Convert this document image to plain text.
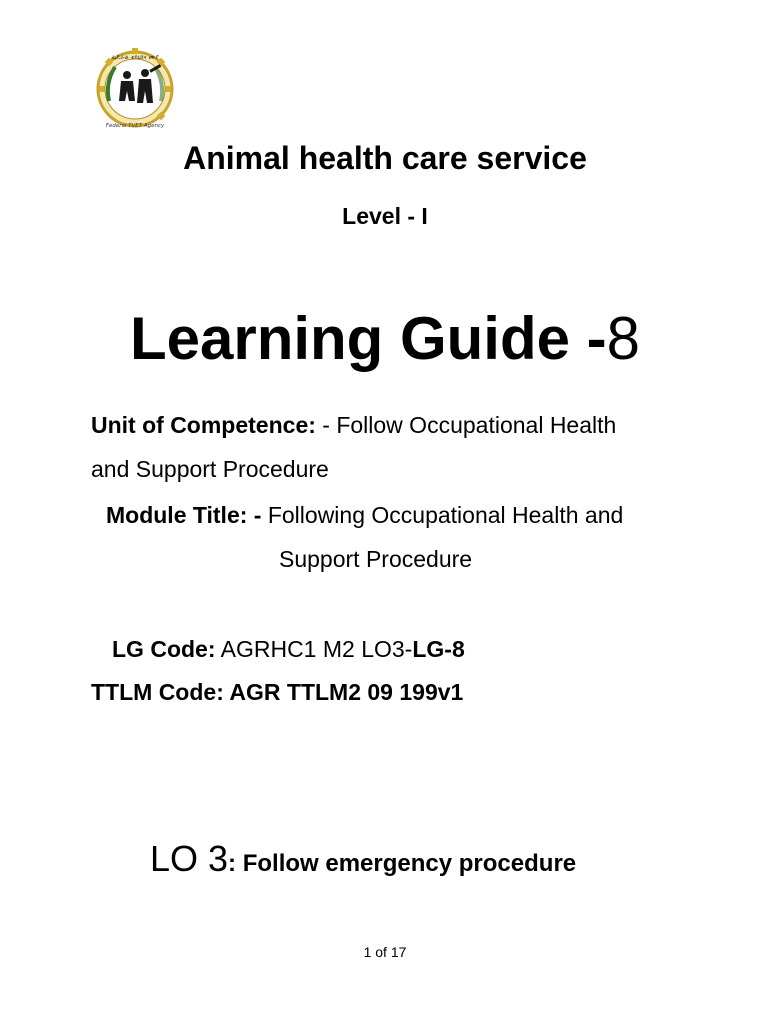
ፌዴራል ቴክኒክና ሙያ
Federal TVET Agency
Animal health care service
Level - I
Learning Guide -8
Unit of Competence: - Follow Occupational Health
and Support Procedure
Module Title: - Following Occupational Health and
Support Procedure
LG Code: AGRHC1 M2 LO3-LG-8
TTLM Code: AGR TTLM2 09 199v1
LO 3: Follow emergency procedure
1 of 17
